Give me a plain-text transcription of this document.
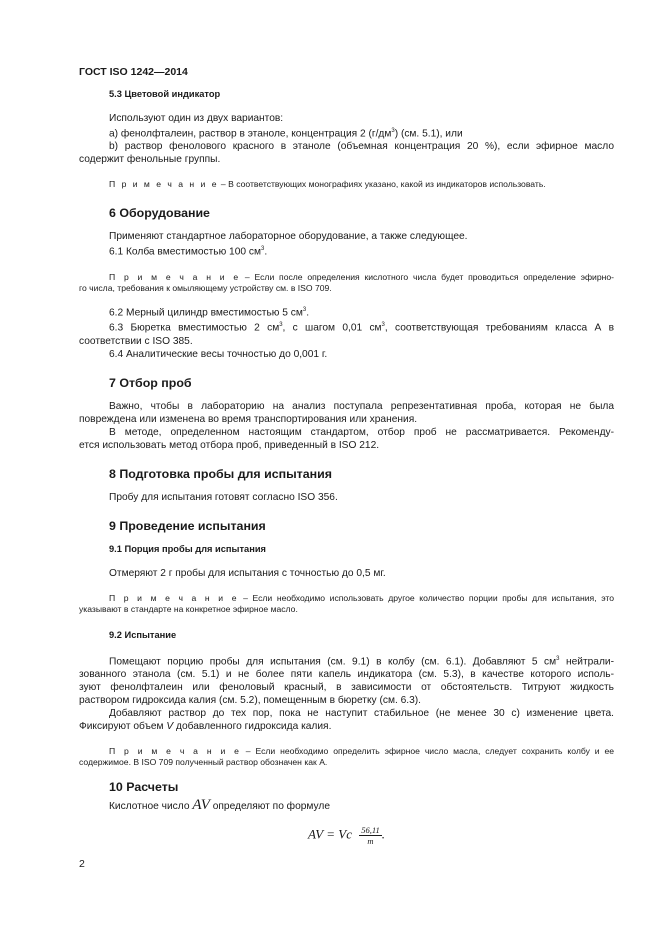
ГОСТ ISO 1242—2014
5.3 Цветовой индикатор

Используют один из двух вариантов:

a) фенолфталеин, раствор в этаноле, концентрация 2 $(г/дм^3)$ (см. 5.1), или

b) раствор фенолового красного в этаноле (объемная концентрация 20 %), если эфирное масло

содержит фенольные группы.

П р и м е ч а н и е – В соответствующих монографиях указано, какой из индикаторов использовать.

6 Оборудование

Применяют стандартное лабораторное оборудование, а также следующее.

6.1 Колба вместимостью 100 $см^3$.

П р и м е ч а н и е – Если после определения кислотного числа будет проводиться определение эфирно-

го числа, требования к омыляющему устройству см. в ISO 709.

6.2 Мерный цилиндр вместимостью 5 $см^3$.

6.3 Бюретка вместимостью 2 $см^3$, с шагом 0,01 $см^3$, соответствующая требованиям класса А в

соответствии с ISO 385.

6.4 Аналитические весы точностью до 0,001 г.

7 Отбор проб

Важно, чтобы в лабораторию на анализ поступала репрезентативная проба, которая не была

повреждена или изменена во время транспортирования или хранения.

В методе, определенном настоящим стандартом, отбор проб не рассматривается. Рекоменду-

ется использовать метод отбора проб, приведенный в ISO 212.

8 Подготовка пробы для испытания

Пробу для испытания готовят согласно ISO 356.

9 Проведение испытания
9.1 Порция пробы для испытания

Отмеряют 2 г пробы для испытания с точностью до 0,5 мг.

П р и м е ч а н и е – Если необходимо использовать другое количество порции пробы для испытания, это

указывают в стандарте на конкретное эфирное масло.

9.2 Испытание

Помещают порцию пробы для испытания (см. 9.1) в колбу (см. 6.1). Добавляют 5 $см^3$ нейтрали-

зованного этанола (см. 5.1) и не более пяти капель индикатора (см. 5.3), в качестве которого исполь-

зуют фенолфталеин или феноловый красный, в зависимости от обстоятельств. Титруют жидкость

раствором гидроксида калия (см. 5.2), помещенным в бюретку (см. 6.3).

Добавляют раствор до тех пор, пока не наступит стабильное (не менее 30 с) изменение цвета.

Фиксируют объем V добавленного гидроксида калия.

П р и м е ч а н и е – Если необходимо определить эфирное число масла, следует сохранить колбу и ее

содержимое. В ISO 709 полученный раствор обозначен как А.

10 Расчеты

Кислотное число AV определяют по формуле

AV = Vc $\frac{56,11}{m}$ .
2
